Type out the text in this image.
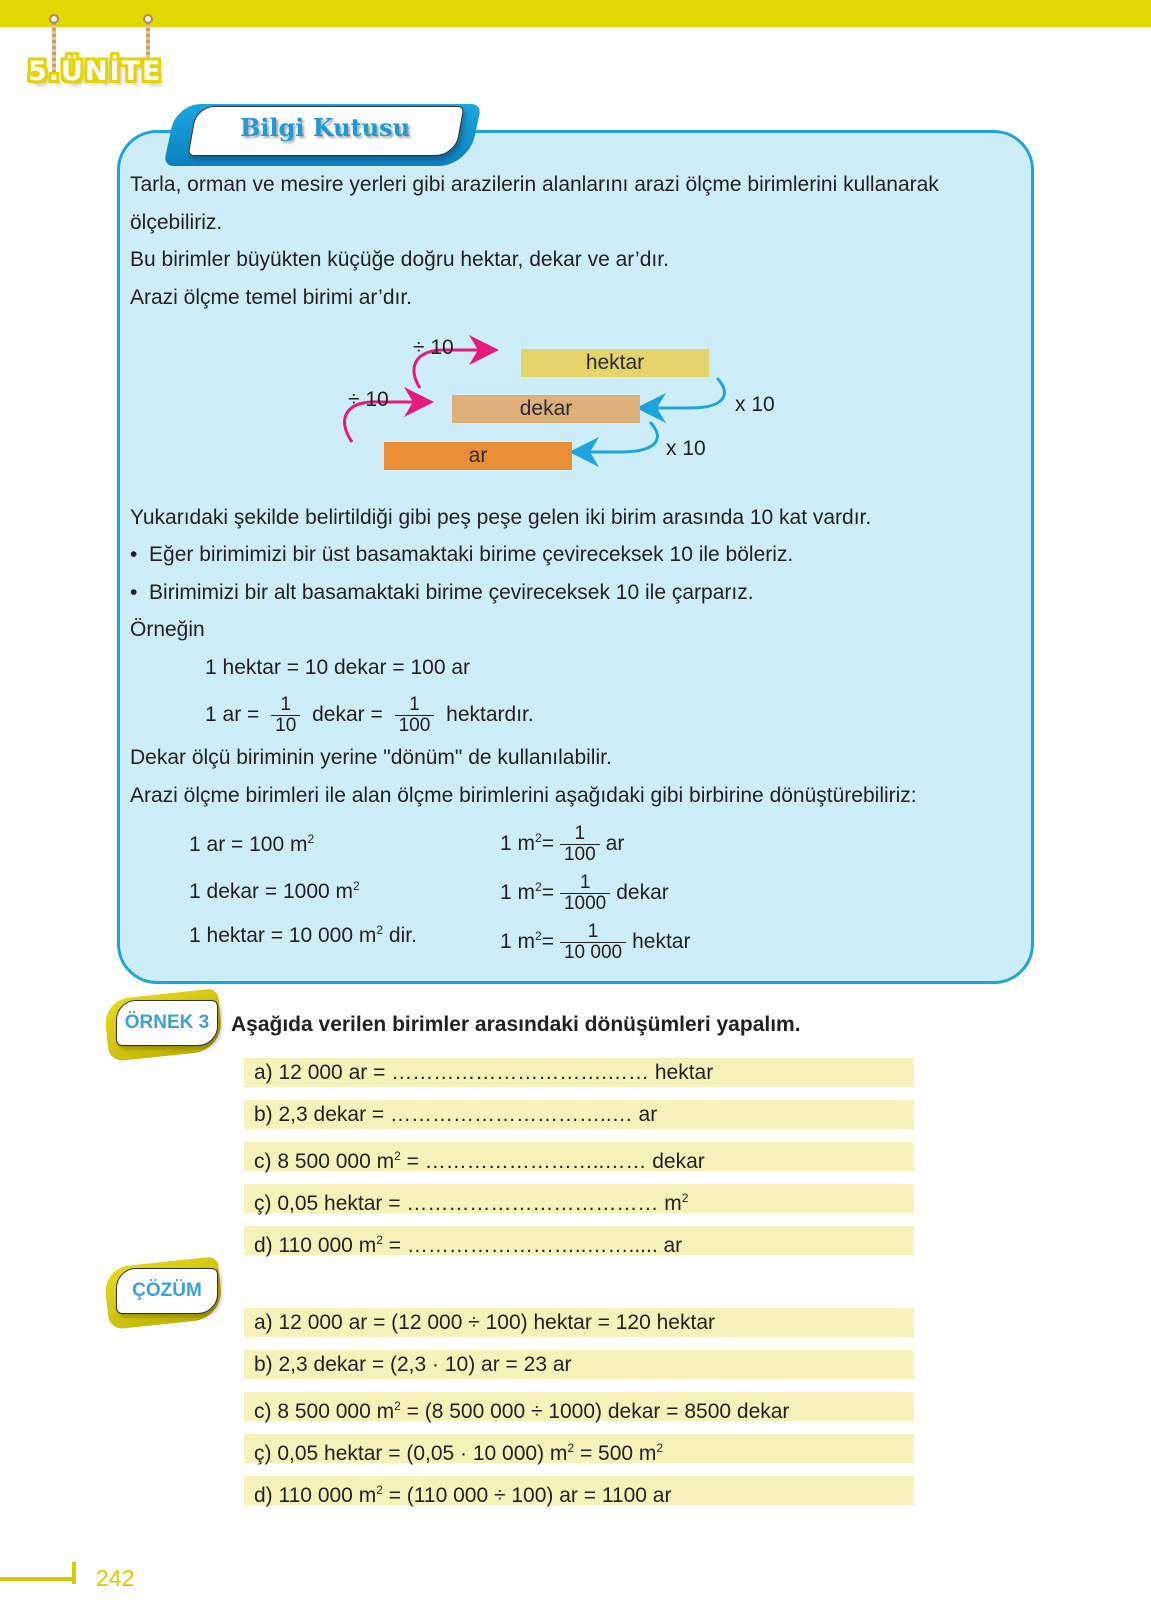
5.ÜNİTE
Bilgi Kutusu
Tarla, orman ve mesire yerleri gibi arazilerin alanlarını arazi ölçme birimlerini kullanarak
ölçebiliriz.
Bu birimler büyükten küçüğe doğru hektar, dekar ve ar’dır.
Arazi ölçme temel birimi ar’dır.
hektar
dekar
ar
÷ 10
÷ 10	x 10
x 10
Yukarıdaki şekilde belirtildiği gibi peş peşe gelen iki birim arasında 10 kat vardır.
•  Eğer birimimizi bir üst basamaktaki birime çevireceksek 10 ile böleriz.
•  Birimimizi bir alt basamaktaki birime çevireceksek 10 ile çarparız.
Örneğin
1 hektar = 10 dekar = 100 ar
1 ar = $\frac{1}{10}$ dekar = $\frac{1}{100}$ hektardır.
Dekar ölçü biriminin yerine "dönüm" de kullanılabilir.
Arazi ölçme birimleri ile alan ölçme birimlerini aşağıdaki gibi birbirine dönüştürebiliriz:
1 ar = 100 $m^2$
1 dekar = 1000 $m^2$
1 hektar = 10 000 $m^2$ dir.
1 $m^2= \frac{1}{100}$ ar
1 $m^2= \frac{1}{1000}$ dekar
1 $m^2= \frac{1}{10 000}$ hektar
ÖRNEK 3	Aşağıda verilen birimler arasındaki dönüşümleri yapalım.
a) 12 000 ar = ………………………….…… hektar
b) 2,3 dekar = …………………………..… ar
c) 8 500 000 $m^2$ = ……………………..…… dekar
ç) 0,05 hektar = ……………………………… $m^2$
d) 110 000 $m^2$ = ……………………..……..... ar
ÇÖZÜM
a) 12 000 ar = (12 000 ÷ 100) hektar = 120 hektar
b) 2,3 dekar = (2,3 · 10) ar = 23 ar
c) 8 500 000 $m^2 = (8$ 500 000 ÷ 1000) dekar = 8500 dekar
ç) 0,05 hektar = (0,05 · 10 000) $m^2 = 500$ $m^2$
d) 110 000 $m^2 = (110$ 000 ÷ 100) ar = 1100 ar
242
